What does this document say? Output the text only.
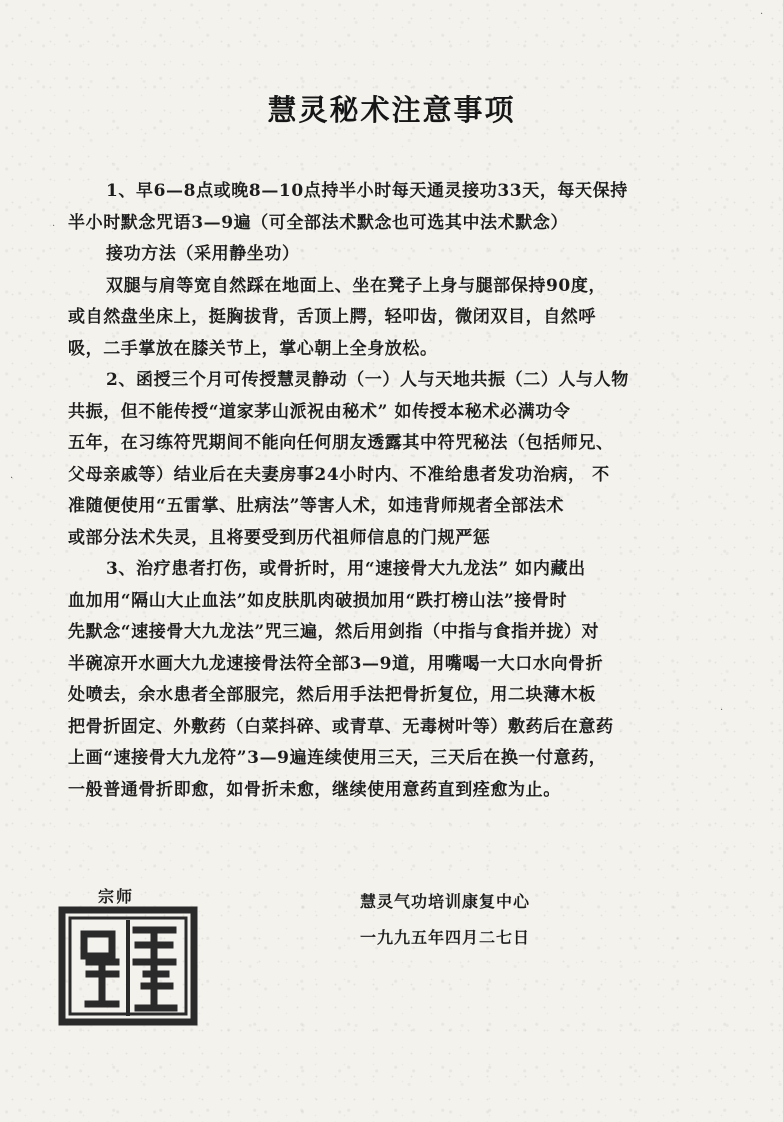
·
·
·
·
慧灵秘术注意事项
1、早6—8点或晚8—10点持半小时每天通灵接功33天，每天保持
半小时默念咒语3—9遍（可全部法术默念也可选其中法术默念）
接功方法（采用静坐功）
双腿与肩等宽自然踩在地面上、坐在凳子上身与腿部保持90度，
或自然盘坐床上，挺胸拔背，舌顶上腭，轻叩齿，微闭双目，自然呼
吸，二手掌放在膝关节上，掌心朝上全身放松。
2、函授三个月可传授慧灵静动（一）人与天地共振（二）人与人物
共振，但不能传授“道家茅山派祝由秘术” 如传授本秘术必满功令
五年，在习练符咒期间不能向任何朋友透露其中符咒秘法（包括师兄、
父母亲戚等）结业后在夫妻房事24小时内、不准给患者发功治病， 不
准随便使用“五雷掌、肚病法”等害人术，如违背师规者全部法术
或部分法术失灵，且将要受到历代祖师信息的门规严惩
3、治疗患者打伤，或骨折时，用“速接骨大九龙法” 如内藏出
血加用“隔山大止血法”如皮肤肌肉破损加用“跌打榜山法”接骨时
先默念“速接骨大九龙法”咒三遍，然后用剑指（中指与食指并拢）对
半碗凉开水画大九龙速接骨法符全部3—9道，用嘴喝一大口水向骨折
处喷去，余水患者全部服完，然后用手法把骨折复位，用二块薄木板
把骨折固定、外敷药（白菜抖碎、或青草、无毒树叶等）敷药后在意药
上画“速接骨大九龙符”3—9遍连续使用三天，三天后在换一付意药，
一般普通骨折即愈，如骨折未愈，继续使用意药直到痊愈为止。
宗师	慧灵气功培训康复中心
一九九五年四月二七日
